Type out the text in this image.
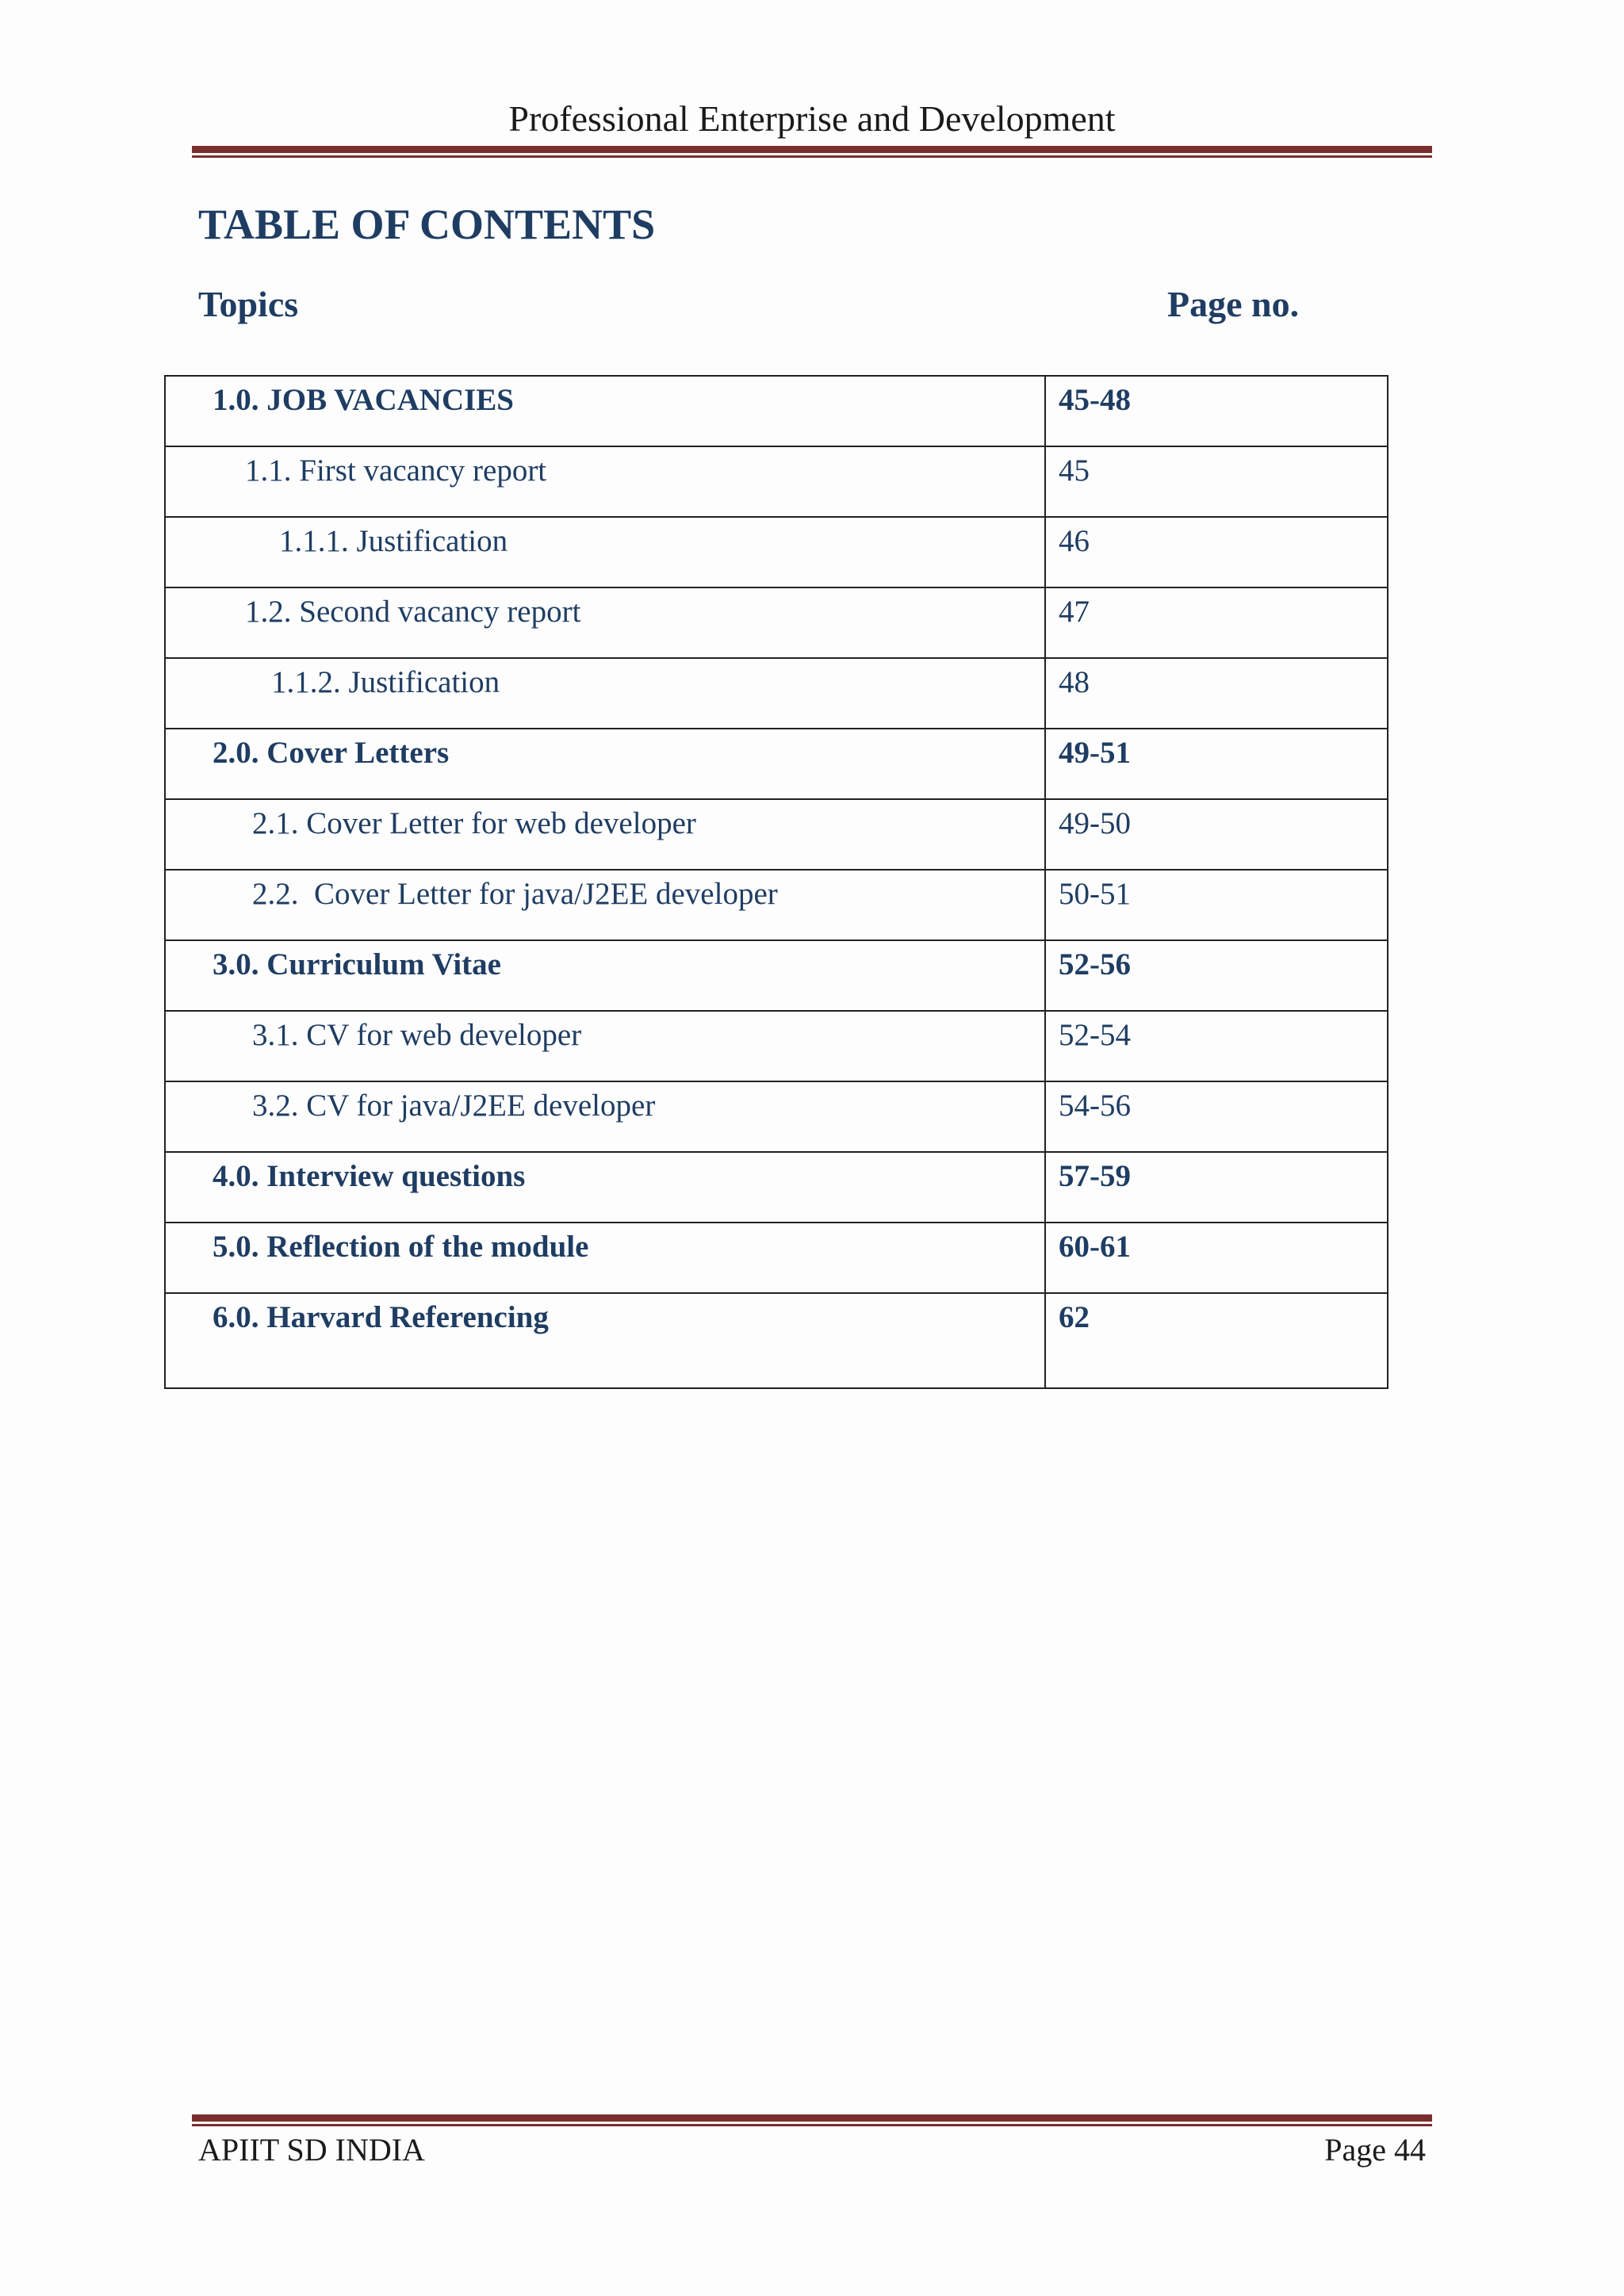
Professional Enterprise and Development
TABLE OF CONTENTS
Topics	Page no.
1.0. JOB VACANCIES	45-48

1.1. First vacancy report	45

1.1.1. Justification	46

1.2. Second vacancy report	47

1.1.2. Justification	48

2.0. Cover Letters	49-51

2.1. Cover Letter for web developer	49-50

2.2.  Cover Letter for java/J2EE developer	50-51

3.0. Curriculum Vitae	52-56

3.1. CV for web developer	52-54

3.2. CV for java/J2EE developer	54-56

4.0. Interview questions	57-59

5.0. Reflection of the module	60-61

6.0. Harvard Referencing	62
APIIT SD INDIA	Page 44
